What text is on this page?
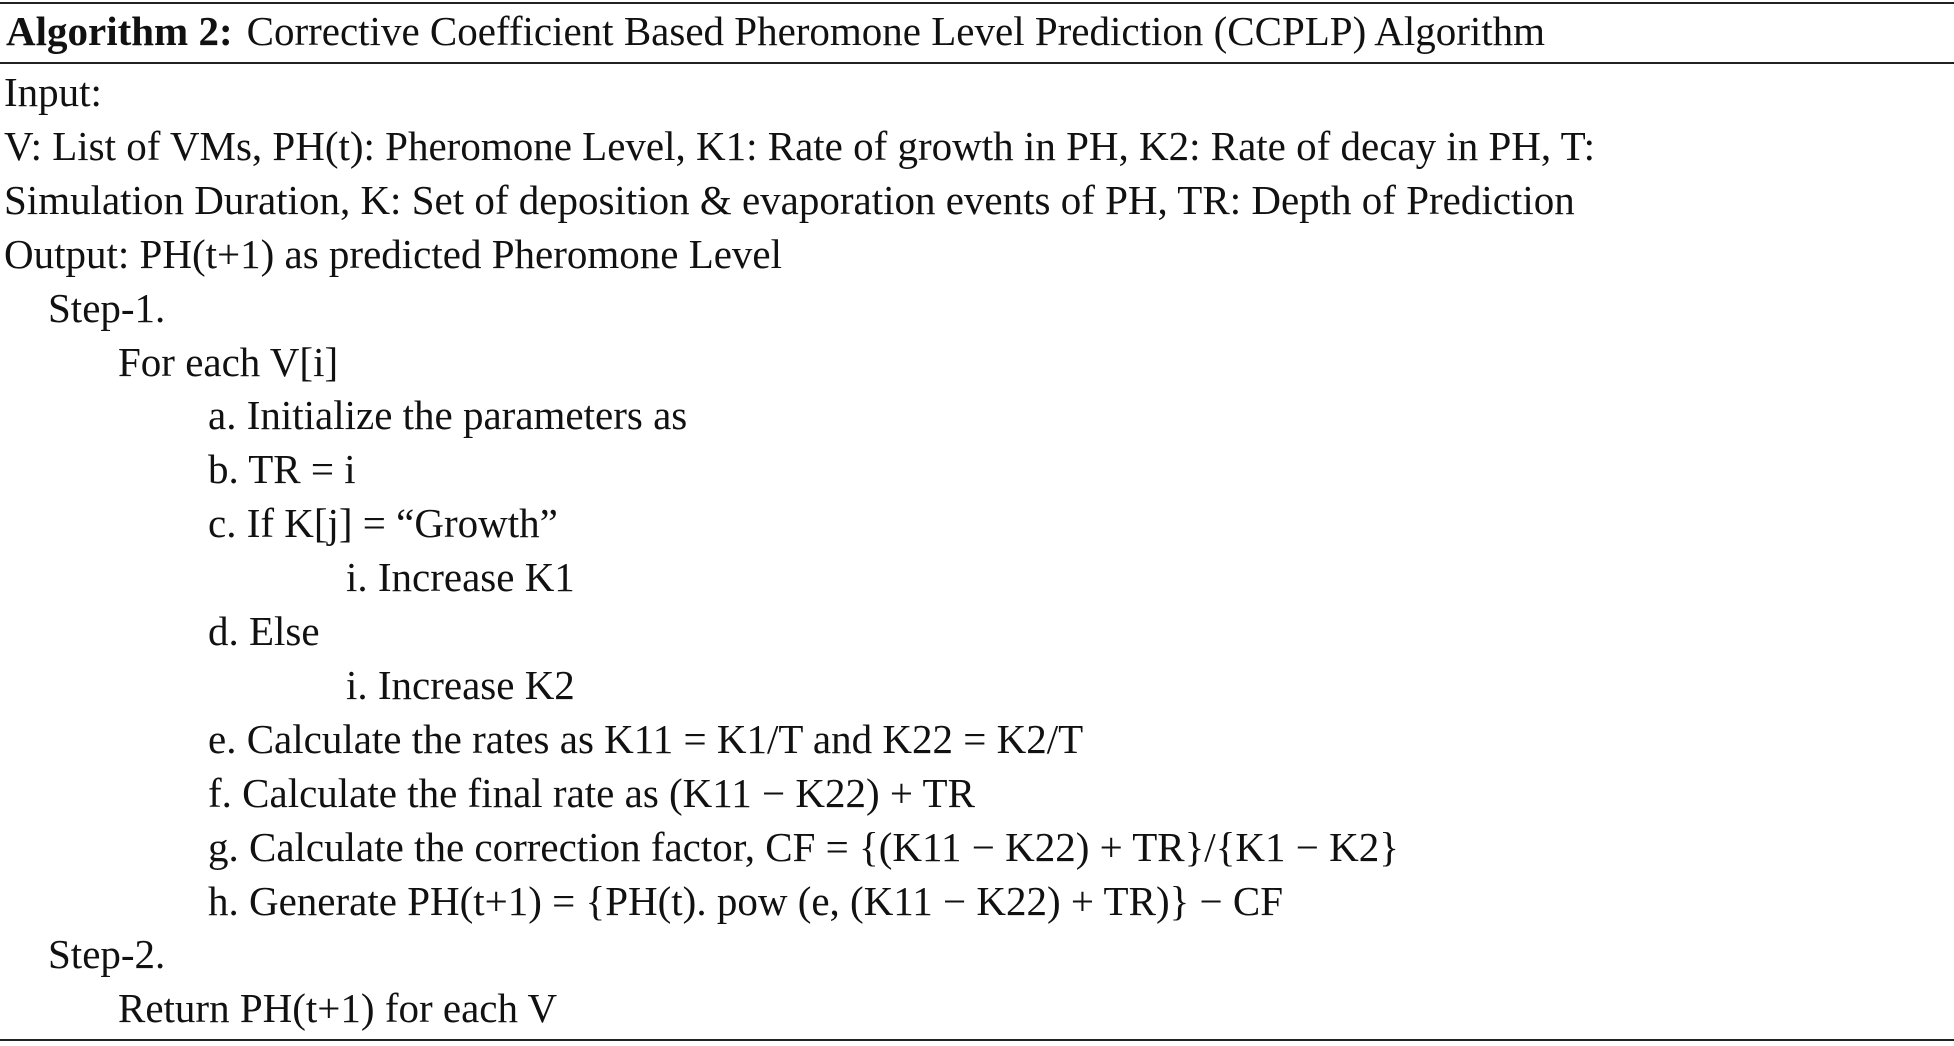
Algorithm 2: Corrective Coefficient Based Pheromone Level Prediction (CCPLP) Algorithm
Input:
V: List of VMs, PH(t): Pheromone Level, K1: Rate of growth in PH, K2: Rate of decay in PH, T:
Simulation Duration, K: Set of deposition & evaporation events of PH, TR: Depth of Prediction
Output: PH(t+1) as predicted Pheromone Level
Step-1.
For each V[i]
a. Initialize the parameters as
b. TR = i
c. If K[j] = “Growth”
i. Increase K1
d. Else
i. Increase K2
e. Calculate the rates as K11 = K1/T and K22 = K2/T
f. Calculate the final rate as (K11 − K22) + TR
g. Calculate the correction factor, CF = {(K11 − K22) + TR}/{K1 − K2}
h. Generate PH(t+1) = {PH(t). pow (e, (K11 − K22) + TR)} − CF
Step-2.
Return PH(t+1) for each V
